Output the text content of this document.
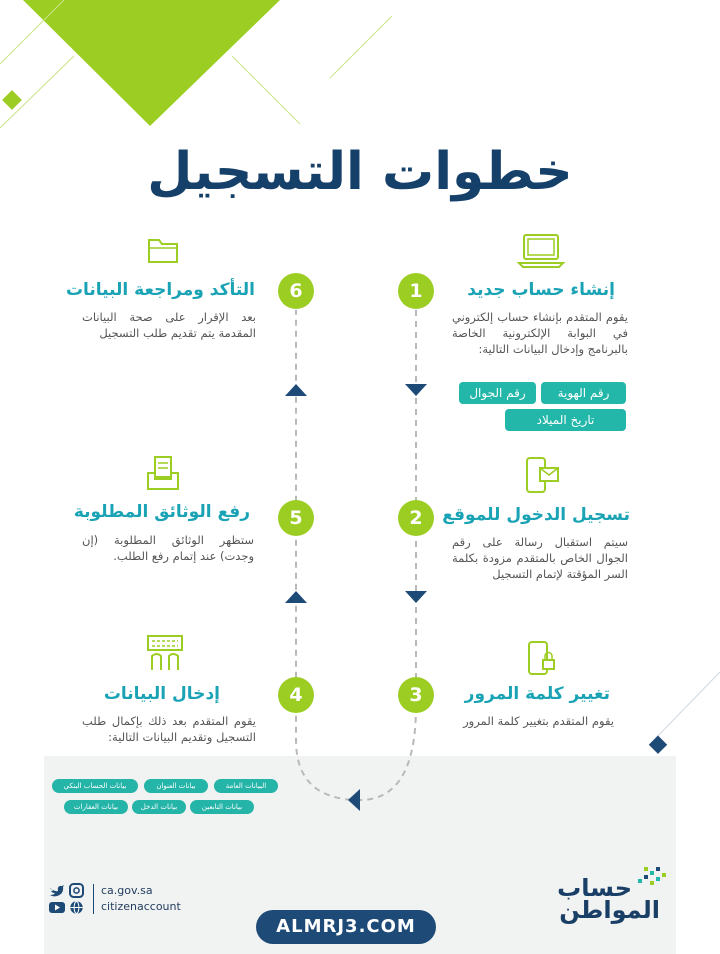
خطوات التسجيل
1	إنشاء حساب جديد
يقوم المتقدم بإنشاء حساب إلكتروني في البوابة الإلكترونية الخاصة بالبرنامج وإدخال البيانات التالية:
رقم الهوية
رقم الجوال
تاريخ الميلاد
6
التأكد ومراجعة البيانات
بعد الإقرار على صحة البيانات المقدمة يتم تقديم طلب التسجيل
2	تسجيل الدخول للموقع
سيتم استقبال رسالة على رقم الجوال الخاص بالمتقدم مزودة بكلمة السر المؤقتة لإتمام التسجيل
5
رفع الوثائق المطلوبة
ستظهر الوثائق المطلوبة (إن وجدت) عند إتمام رفع الطلب.
3	تغيير كلمة المرور
يقوم المتقدم بتغيير كلمة المرور
4
إدخال البيانات
يقوم المتقدم بعد ذلك بإكمال طلب التسجيل وتقديم البيانات التالية:
البيانات العامة
بيانات العنوان
بيانات الحساب البنكي
بيانات التابعين
بيانات الدخل
بيانات العقارات
ca.gov.sa
citizenaccount
حساب
المواطن
ALMRJ3.COM
